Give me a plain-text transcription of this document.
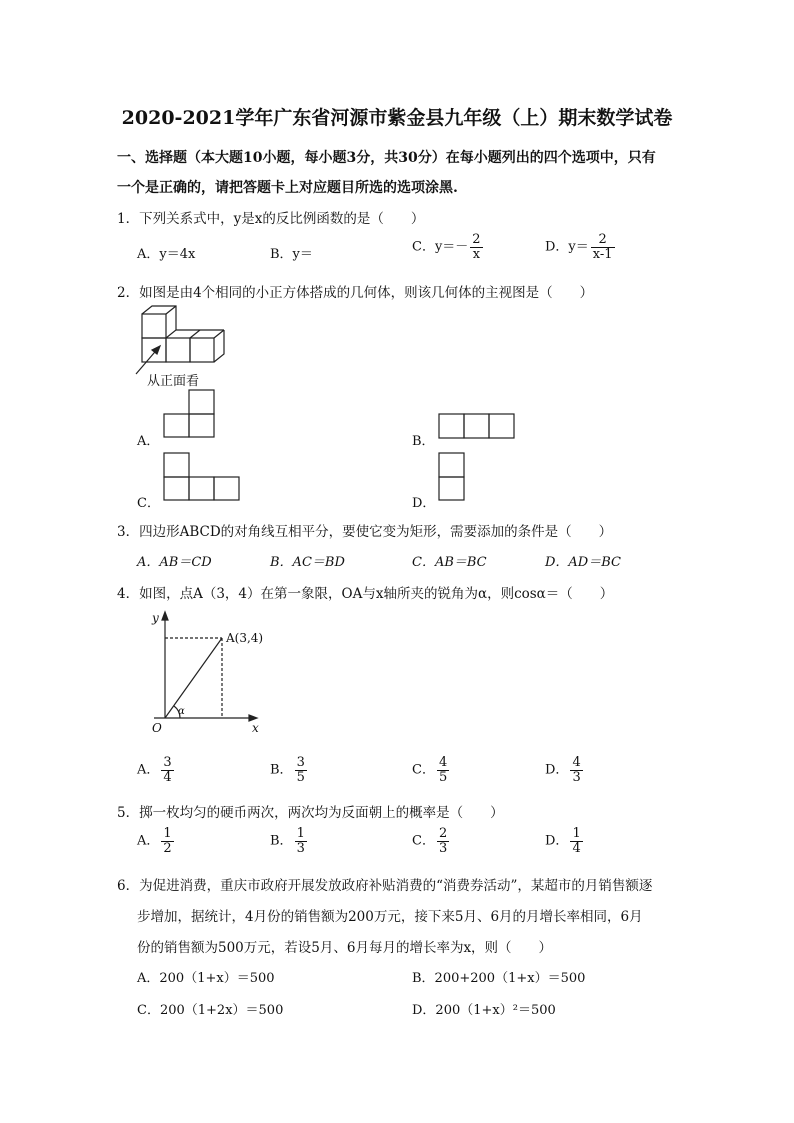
2020-2021学年广东省河源市紫金县九年级（上）期末数学试卷
一、选择题（本大题10小题，每小题3分，共30分）在每小题列出的四个选项中，只有
一个是正确的，请把答题卡上对应题目所选的选项涂黑.
1．下列关系式中，y是x的反比例函数的是（　　）
A．y＝4x	B．y＝	C．$y=- \frac{2}{x}$	D．$y= \frac{2}{x-1}$
2．如图是由4个相同的小正方体搭成的几何体，则该几何体的主视图是（　　）
从正面看
A．	B．
C．	D．
3．四边形ABCD的对角线互相平分，要使它变为矩形，需要添加的条件是（　　）
A．AB＝CD	B．AC＝BD	C．AB＝BC	D．AD＝BC
4．如图，点A（3，4）在第一象限，OA与x轴所夹的锐角为α，则cosα＝（　　）
y
x
O
A(3,4)
α
A． $\frac{3}{4}$	B． $\frac{3}{5}$	C． $\frac{4}{5}$	D． $\frac{4}{3}$
5．掷一枚均匀的硬币两次，两次均为反面朝上的概率是（　　）
A． $\frac{1}{2}$	B． $\frac{1}{3}$	C． $\frac{2}{3}$	D． $\frac{1}{4}$
6．为促进消费，重庆市政府开展发放政府补贴消费的“消费券活动”，某超市的月销售额逐
步增加，据统计，4月份的销售额为200万元，接下来5月、6月的月增长率相同，6月
份的销售额为500万元，若设5月、6月每月的增长率为x，则（　　）
A．200（1+x）＝500	B．200+200（1+x）＝500
C．200（1+2x）＝500	D．200（1+x）²＝500
